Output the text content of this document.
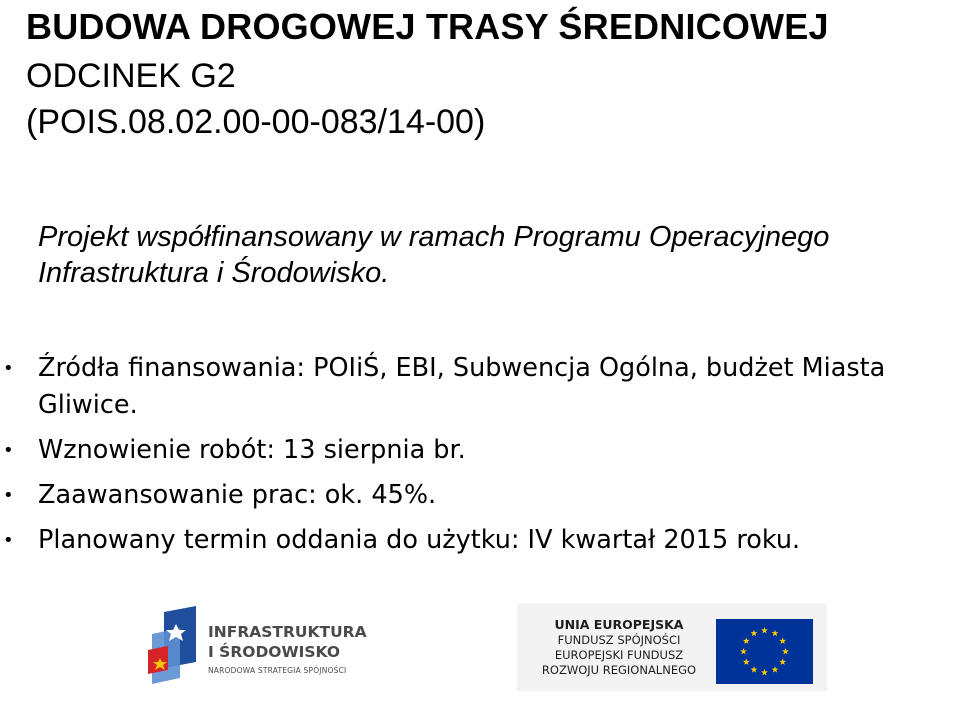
BUDOWA DROGOWEJ TRASY ŚREDNICOWEJ
ODCINEK G2
(POIS.08.02.00-00-083/14-00)
Projekt współfinansowany w ramach Programu Operacyjnego Infrastruktura i Środowisko.
• Źródła finansowania: POIiŚ, EBI, Subwencja Ogólna, budżet Miasta Gliwice.
• Wznowienie robót: 13 sierpnia br.
• Zaawansowanie prac: ok. 45%.
• Planowany termin oddania do użytku: IV kwartał 2015 roku.
INFRASTRUKTURA
I ŚRODOWISKO
NARODOWA STRATEGIA SPÓJNOŚCI
UNIA EUROPEJSKA
FUNDUSZ SPÓJNOŚCI
EUROPEJSKI FUNDUSZ
ROZWOJU REGIONALNEGO
